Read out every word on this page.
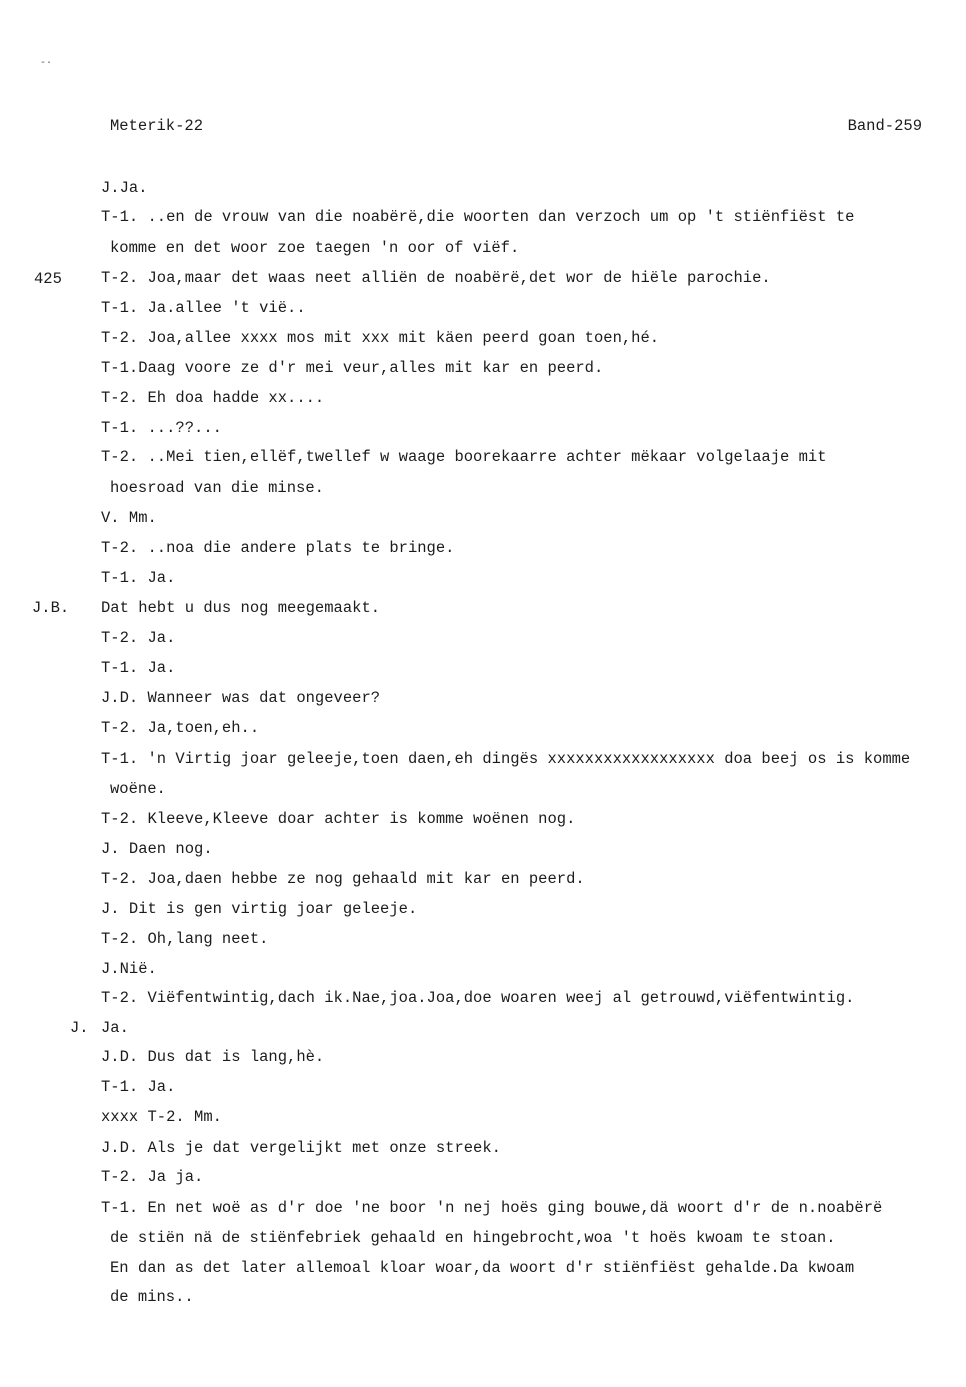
-·
Meterik-22	Band-259
425
J.B.
J.
J.Ja.
T-1. ..en de vrouw van die noabërë,die woorten dan verzoch um op 't stiënfiëst te
komme en det woor zoe taegen 'n oor of viëf.
T-2. Joa,maar det waas neet alliën de noabërë,det wor de hiële parochie.
T-1. Ja.allee 't vië..
T-2. Joa,allee xxxx mos mit xxx mit käen peerd goan toen,hé.
T-1.Daag voore ze d'r mei veur,alles mit kar en peerd.
T-2. Eh doa hadde xx....
T-1. ...??...
T-2. ..Mei tien,ellëf,twellef w waage boorekaarre achter mëkaar volgelaaje mit
hoesroad van die minse.
V. Mm.
T-2. ..noa die andere plats te bringe.
T-1. Ja.
Dat hebt u dus nog meegemaakt.
T-2. Ja.
T-1. Ja.
J.D. Wanneer was dat ongeveer?
T-2. Ja,toen,eh..
T-1. 'n Virtig joar geleeje,toen daen,eh dingës xxxxxxxxxxxxxxxxxx doa beej os is komme
woëne.
T-2. Kleeve,Kleeve doar achter is komme woënen nog.
J. Daen nog.
T-2. Joa,daen hebbe ze nog gehaald mit kar en peerd.
J. Dit is gen virtig joar geleeje.
T-2. Oh,lang neet.
J.Nië.
T-2. Viëfentwintig,dach ik.Nae,joa.Joa,doe woaren weej al getrouwd,viëfentwintig.
Ja.
J.D. Dus dat is lang,hè.
T-1. Ja.
xxxx T-2. Mm.
J.D. Als je dat vergelijkt met onze streek.
T-2. Ja ja.
T-1. En net woë as d'r doe 'ne boor 'n nej hoës ging bouwe,dä woort d'r de n.noabërë
de stiën nä de stiënfebriek gehaald en hingebrocht,woa 't hoës kwoam te stoan.
En dan as det later allemoal kloar woar,da woort d'r stiënfiëst gehalde.Da kwoam
de mins..
